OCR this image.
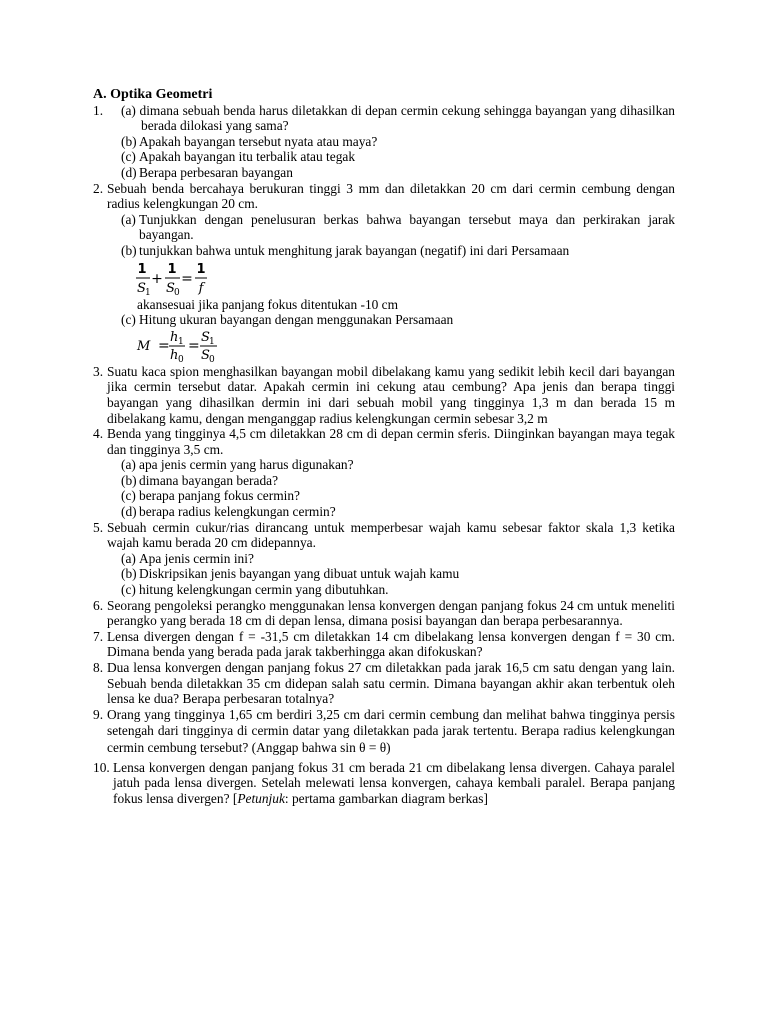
A. Optika Geometri
1.	(a) dimana sebuah benda harus diletakkan di depan cermin cekung sehingga bayangan yang dihasilkan berada dilokasi yang sama?
(b) Apakah bayangan tersebut nyata atau maya?
(c) Apakah bayangan itu terbalik atau tegak
(d) Berapa perbesaran bayangan
2. Sebuah benda bercahaya berukuran tinggi 3 mm dan diletakkan 20 cm dari cermin cembung dengan radius kelengkungan 20 cm.
(a) Tunjukkan dengan penelusuran berkas bahwa bayangan tersebut maya dan perkirakan jarak bayangan.
(b) tunjukkan bahwa untuk menghitung jarak bayangan (negatif) ini dari Persamaan
1
S 1
+
1
S 0
=
1
f
akansesuai jika panjang fokus ditentukan -10 cm
(c) Hitung ukuran bayangan dengan menggunakan Persamaan
M =
h 1
h 0
=
S 1
S 0
3. Suatu kaca spion menghasilkan bayangan mobil dibelakang kamu yang sedikit lebih kecil dari bayangan jika cermin tersebut datar. Apakah cermin ini cekung atau cembung? Apa jenis dan berapa tinggi bayangan yang dihasilkan dermin ini dari sebuah mobil yang tingginya 1,3 m dan berada 15 m dibelakang kamu, dengan menganggap radius kelengkungan cermin sebesar 3,2 m
4. Benda yang tingginya 4,5 cm diletakkan 28 cm di depan cermin sferis. Diinginkan bayangan maya tegak dan tingginya 3,5 cm.
(a) apa jenis cermin yang harus digunakan?
(b) dimana bayangan berada?
(c) berapa panjang fokus cermin?
(d) berapa radius kelengkungan cermin?
5. Sebuah cermin cukur/rias dirancang untuk memperbesar wajah kamu sebesar faktor skala 1,3 ketika wajah kamu berada 20 cm didepannya.
(a) Apa jenis cermin ini?
(b) Diskripsikan jenis bayangan yang dibuat untuk wajah kamu
(c) hitung kelengkungan cermin yang dibutuhkan.
6. Seorang pengoleksi perangko menggunakan lensa konvergen dengan panjang fokus 24 cm untuk meneliti perangko yang berada 18 cm di depan lensa, dimana posisi bayangan dan berapa perbesarannya.
7. Lensa divergen dengan f = -31,5 cm diletakkan 14 cm dibelakang lensa konvergen dengan f = 30 cm. Dimana benda yang berada pada jarak takberhingga akan difokuskan?
8. Dua lensa konvergen dengan panjang fokus 27 cm diletakkan pada jarak 16,5 cm satu dengan yang lain. Sebuah benda diletakkan 35 cm didepan salah satu cermin. Dimana bayangan akhir akan terbentuk oleh lensa ke dua? Berapa perbesaran totalnya?
9. Orang yang tingginya 1,65 cm berdiri 3,25 cm dari cermin cembung dan melihat bahwa tingginya persis setengah dari tingginya di cermin datar yang diletakkan pada jarak tertentu. Berapa radius kelengkungan cermin cembung tersebut? (Anggap bahwa sin θ = θ)
10. Lensa konvergen dengan panjang fokus 31 cm berada 21 cm dibelakang lensa divergen. Cahaya paralel jatuh pada lensa divergen. Setelah melewati lensa konvergen, cahaya kembali paralel. Berapa panjang fokus lensa divergen? [Petunjuk: pertama gambarkan diagram berkas]
